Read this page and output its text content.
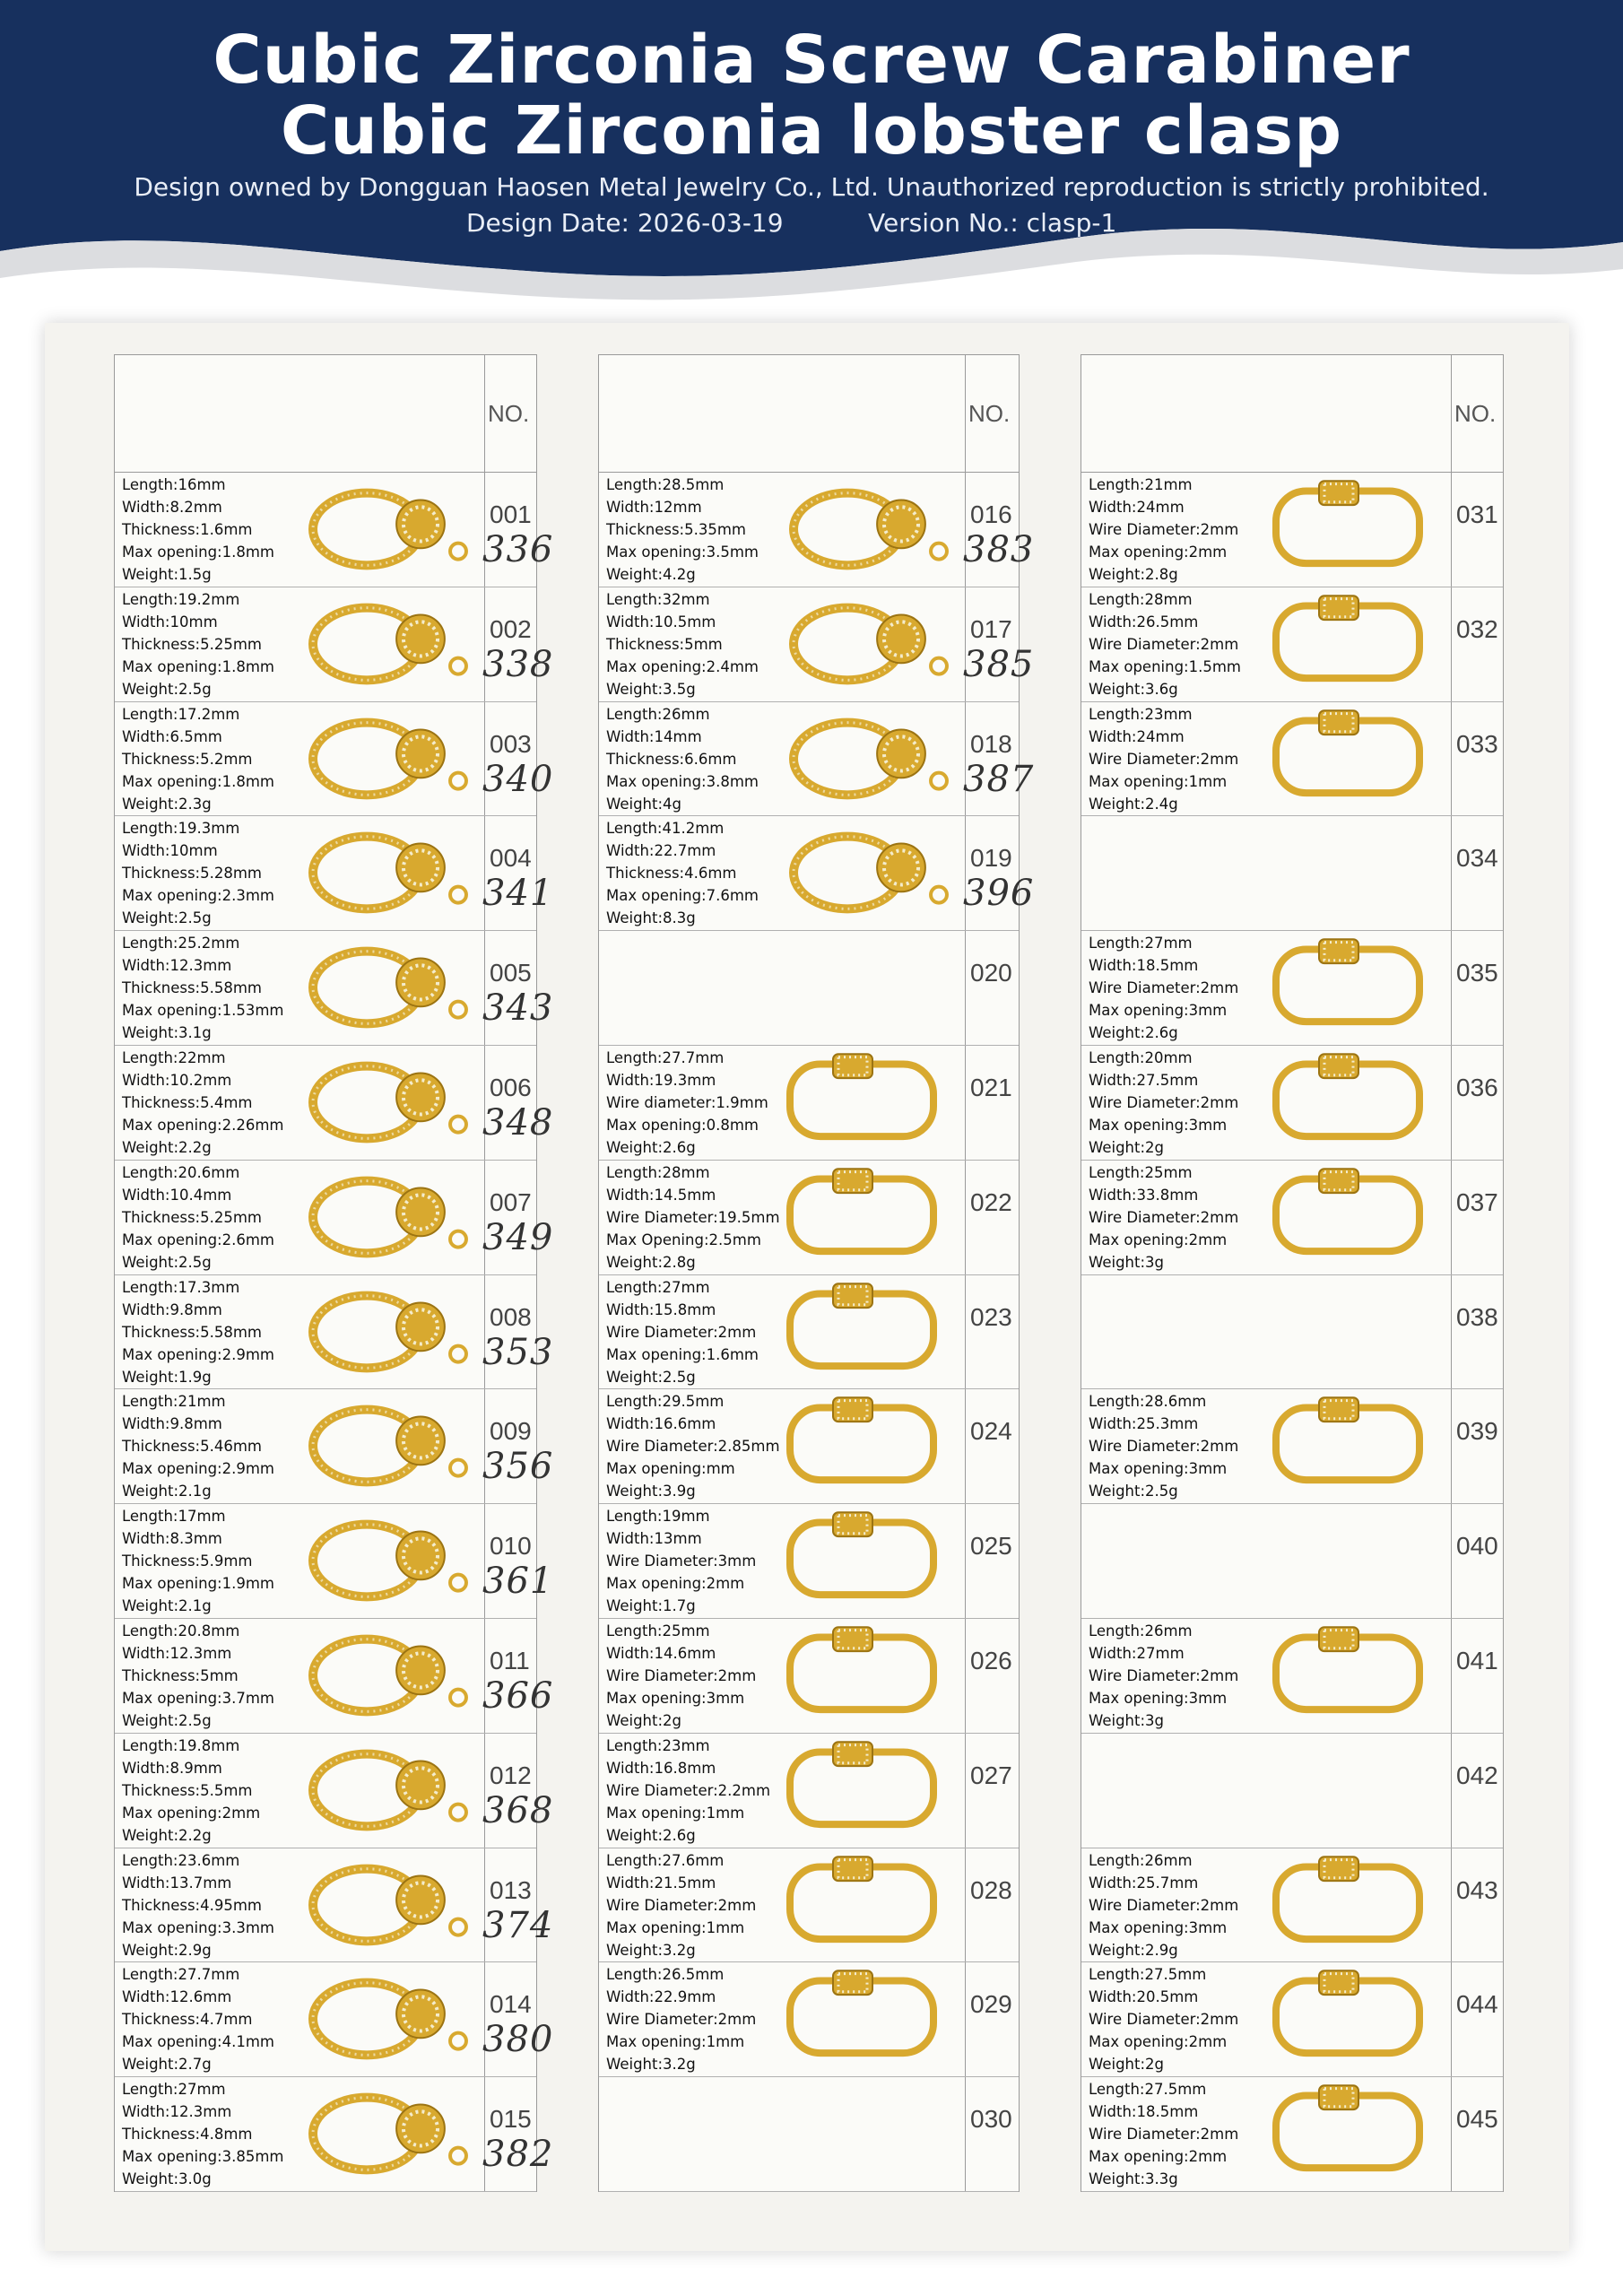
Cubic Zirconia Screw Carabiner
Cubic Zirconia lobster clasp
Design owned by Dongguan Haosen Metal Jewelry Co., Ltd. Unauthorized reproduction is strictly prohibited.
Design Date: 2026-03-19	Version No.: clasp-1
NO.
Length:16mm
Width:8.2mm
Thickness:1.6mm
Max opening:1.8mm
Weight:1.5g
001
336
Length:19.2mm
Width:10mm
Thickness:5.25mm
Max opening:1.8mm
Weight:2.5g
002
338
Length:17.2mm
Width:6.5mm
Thickness:5.2mm
Max opening:1.8mm
Weight:2.3g
003
340
Length:19.3mm
Width:10mm
Thickness:5.28mm
Max opening:2.3mm
Weight:2.5g
004
341
Length:25.2mm
Width:12.3mm
Thickness:5.58mm
Max opening:1.53mm
Weight:3.1g
005
343
Length:22mm
Width:10.2mm
Thickness:5.4mm
Max opening:2.26mm
Weight:2.2g
006
348
Length:20.6mm
Width:10.4mm
Thickness:5.25mm
Max opening:2.6mm
Weight:2.5g
007
349
Length:17.3mm
Width:9.8mm
Thickness:5.58mm
Max opening:2.9mm
Weight:1.9g
008
353
Length:21mm
Width:9.8mm
Thickness:5.46mm
Max opening:2.9mm
Weight:2.1g
009
356
Length:17mm
Width:8.3mm
Thickness:5.9mm
Max opening:1.9mm
Weight:2.1g
010
361
Length:20.8mm
Width:12.3mm
Thickness:5mm
Max opening:3.7mm
Weight:2.5g
011
366
Length:19.8mm
Width:8.9mm
Thickness:5.5mm
Max opening:2mm
Weight:2.2g
012
368
Length:23.6mm
Width:13.7mm
Thickness:4.95mm
Max opening:3.3mm
Weight:2.9g
013
374
Length:27.7mm
Width:12.6mm
Thickness:4.7mm
Max opening:4.1mm
Weight:2.7g
014
380
Length:27mm
Width:12.3mm
Thickness:4.8mm
Max opening:3.85mm
Weight:3.0g
015
382
NO.
Length:28.5mm
Width:12mm
Thickness:5.35mm
Max opening:3.5mm
Weight:4.2g
016
383
Length:32mm
Width:10.5mm
Thickness:5mm
Max opening:2.4mm
Weight:3.5g
017
385
Length:26mm
Width:14mm
Thickness:6.6mm
Max opening:3.8mm
Weight:4g
018
387
Length:41.2mm
Width:22.7mm
Thickness:4.6mm
Max opening:7.6mm
Weight:8.3g
019
396
020
Length:27.7mm
Width:19.3mm
Wire diameter:1.9mm
Max opening:0.8mm
Weight:2.6g
021
Length:28mm
Width:14.5mm
Wire Diameter:19.5mm
Max Opening:2.5mm
Weight:2.8g
022
Length:27mm
Width:15.8mm
Wire Diameter:2mm
Max opening:1.6mm
Weight:2.5g
023
Length:29.5mm
Width:16.6mm
Wire Diameter:2.85mm
Max opening:mm
Weight:3.9g
024
Length:19mm
Width:13mm
Wire Diameter:3mm
Max opening:2mm
Weight:1.7g
025
Length:25mm
Width:14.6mm
Wire Diameter:2mm
Max opening:3mm
Weight:2g
026
Length:23mm
Width:16.8mm
Wire Diameter:2.2mm
Max opening:1mm
Weight:2.6g
027
Length:27.6mm
Width:21.5mm
Wire Diameter:2mm
Max opening:1mm
Weight:3.2g
028
Length:26.5mm
Width:22.9mm
Wire Diameter:2mm
Max opening:1mm
Weight:3.2g
029
030
NO.
Length:21mm
Width:24mm
Wire Diameter:2mm
Max opening:2mm
Weight:2.8g
031
Length:28mm
Width:26.5mm
Wire Diameter:2mm
Max opening:1.5mm
Weight:3.6g
032
Length:23mm
Width:24mm
Wire Diameter:2mm
Max opening:1mm
Weight:2.4g
033
034
Length:27mm
Width:18.5mm
Wire Diameter:2mm
Max opening:3mm
Weight:2.6g
035
Length:20mm
Width:27.5mm
Wire Diameter:2mm
Max opening:3mm
Weight:2g
036
Length:25mm
Width:33.8mm
Wire Diameter:2mm
Max opening:2mm
Weight:3g
037
038
Length:28.6mm
Width:25.3mm
Wire Diameter:2mm
Max opening:3mm
Weight:2.5g
039
040
Length:26mm
Width:27mm
Wire Diameter:2mm
Max opening:3mm
Weight:3g
041
042
Length:26mm
Width:25.7mm
Wire Diameter:2mm
Max opening:3mm
Weight:2.9g
043
Length:27.5mm
Width:20.5mm
Wire Diameter:2mm
Max opening:2mm
Weight:2g
044
Length:27.5mm
Width:18.5mm
Wire Diameter:2mm
Max opening:2mm
Weight:3.3g
045
